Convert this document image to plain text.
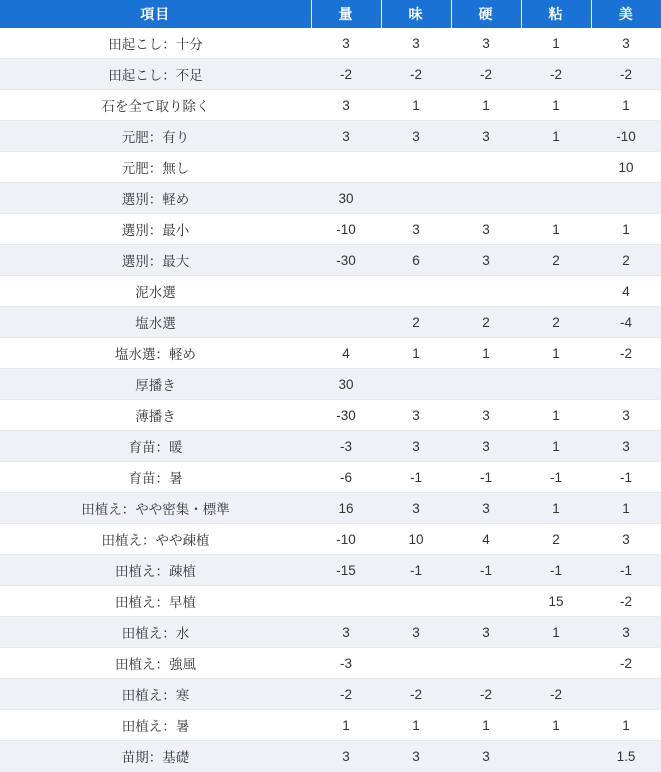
項目	量	味	硬	粘	美
田起こし：十分	3	3	3	1	3
田起こし：不足	-2	-2	-2	-2	-2
石を全て取り除く	3	1	1	1	1
元肥：有り	3	3	3	1	-10
元肥：無し					10
選別：軽め	30				
選別：最小	-10	3	3	1	1
選別：最大	-30	6	3	2	2
泥水選					4
塩水選		2	2	2	-4
塩水選：軽め	4	1	1	1	-2
厚播き	30				
薄播き	-30	3	3	1	3
育苗：暖	-3	3	3	1	3
育苗：暑	-6	-1	-1	-1	-1
田植え：やや密集・標準	16	3	3	1	1
田植え：やや疎植	-10	10	4	2	3
田植え：疎植	-15	-1	-1	-1	-1
田植え：早植				15	-2
田植え：水	3	3	3	1	3
田植え：強風	-3				-2
田植え：寒	-2	-2	-2	-2	
田植え：暑	1	1	1	1	1
苗期：基礎	3	3	3		1.5
